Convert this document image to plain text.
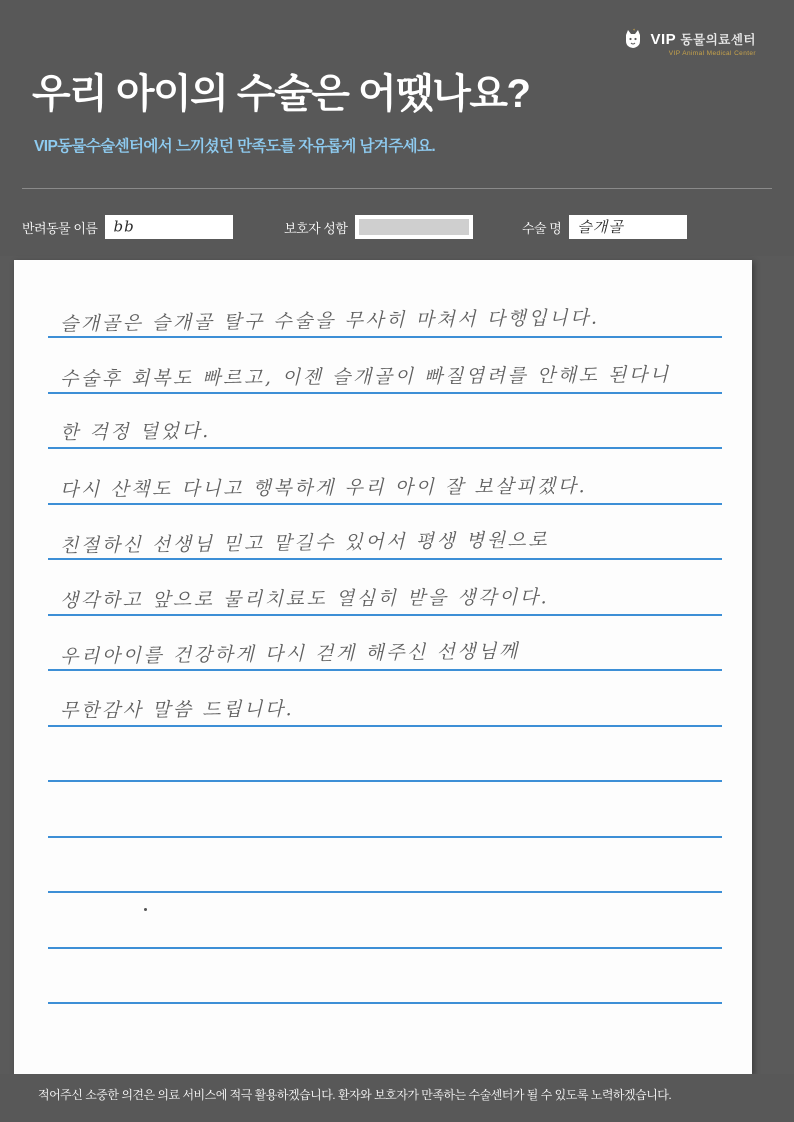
VIP 동물의료센터
VIP Animal Medical Center
우리 아이의 수술은 어땠나요?
VIP동물수술센터에서 느끼셨던 만족도를 자유롭게 남겨주세요.
반려동물 이름 bb	보호자 성함	수술 명 슬개골
슬개골은 슬개골 탈구 수술을 무사히 마쳐서 다행입니다.
수술후 회복도 빠르고, 이젠 슬개골이 빠질염려를 안해도 된다니
한 걱정 덜었다.
다시 산책도 다니고 행복하게 우리 아이 잘 보살피겠다.
친절하신 선생님 믿고 맡길수 있어서 평생 병원으로
생각하고 앞으로 물리치료도 열심히 받을 생각이다.
우리아이를 건강하게 다시 걷게 해주신 선생님께
무한감사 말씀 드립니다.
적어주신 소중한 의견은 의료 서비스에 적극 활용하겠습니다. 환자와 보호자가 만족하는 수술센터가 될 수 있도록 노력하겠습니다.
